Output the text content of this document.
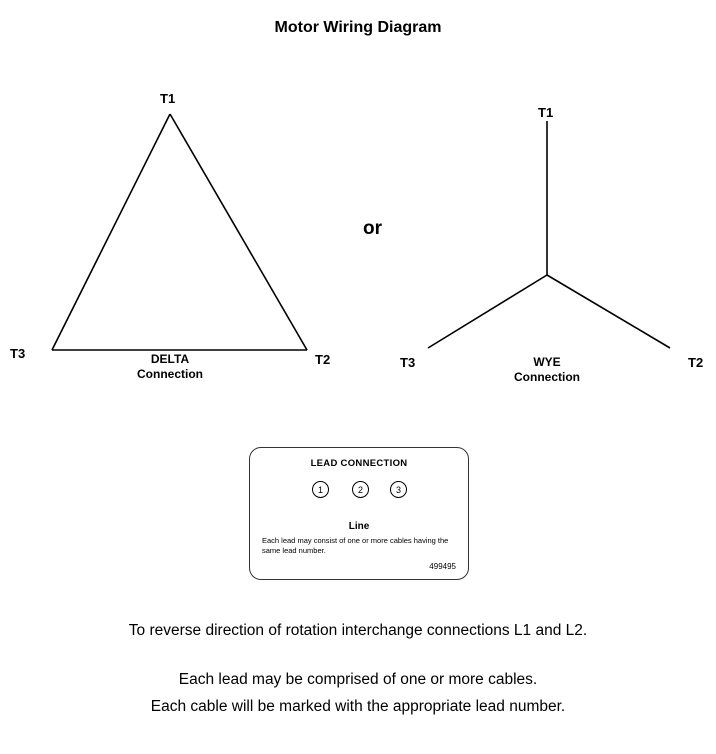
Motor Wiring Diagram
T1
T2
T3	DELTA
Connection
or
T1
T2
T3	WYE
Connection
LEAD CONNECTION
1	2	3
Line
Each lead may consist of one or more cables having the same lead number.
499495
To reverse direction of rotation interchange connections L1 and L2.
Each lead may be comprised of one or more cables.
Each cable will be marked with the appropriate lead number.
